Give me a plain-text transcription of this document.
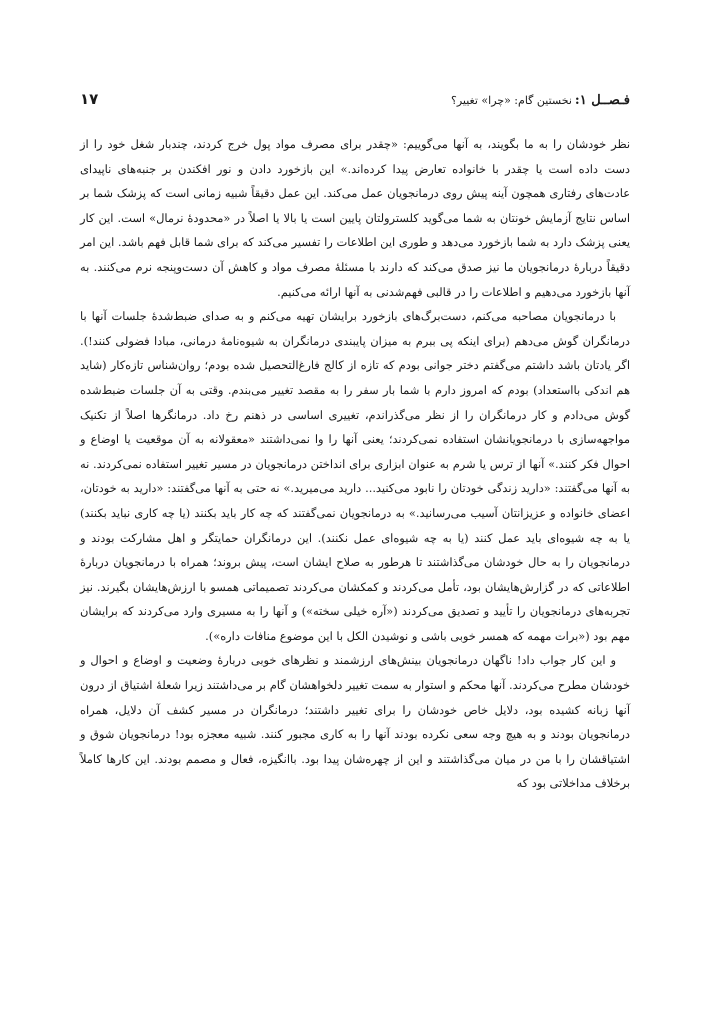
فـصــل ۱:
نخستین گام: «چرا» تغییر؟
۱۷

نظر خودشان را به ما بگویند، به آنها می‌گوییم: «چقدر برای مصرف مواد پول خرج کردند، چندبار شغل خود را از دست داده است یا چقدر با خانواده تعارض پیدا کرده‌اند.» این بازخورد دادن و نور افکندن بر جنبه‌های ناپیدای عادت‌های رفتاری همچون آینه پیش روی درمانجویان عمل می‌کند. این عمل دقیقاً شبیه زمانی است که پزشک شما بر اساس نتایج آزمایش خونتان به شما می‌گوید کلسترولتان پایین است یا بالا یا اصلاً در «محدودهٔ نرمال» است. این کار یعنی پزشک دارد به شما بازخورد می‌دهد و طوری این اطلاعات را تفسیر می‌کند که برای شما قابل فهم باشد. این امر دقیقاً دربارهٔ درمانجویان ما نیز صدق می‌کند که دارند با مسئلهٔ مصرف مواد و کاهش آن دست‌وپنجه نرم می‌کنند. به آنها بازخورد می‌دهیم و اطلاعات را در قالبی فهم‌شدنی به آنها ارائه می‌کنیم.

با درمانجویان مصاحبه می‌کنم، دست‌برگ‌های بازخورد برایشان تهیه می‌کنم و به صدای ضبط‌شدهٔ جلسات آنها با درمانگران گوش می‌دهم (برای اینکه پی ببرم به میزان پایبندی درمانگران به شیوه‌نامهٔ درمانی، مبادا فضولی کنند!). اگر یادتان باشد داشتم می‌گفتم دختر جوانی بودم که تازه از کالج فارغ‌التحصیل شده بودم؛ روان‌شناس تازه‌کار (شاید هم اندکی بااستعداد) بودم که امروز دارم با شما بار سفر را به مقصد تغییر می‌بندم. وقتی به آن جلسات ضبط‌شده گوش می‌دادم و کار درمانگران را از نظر می‌گذراندم، تغییری اساسی در ذهنم رخ داد. درمانگرها اصلاً از تکنیک مواجهه‌سازی با درمانجویانشان استفاده نمی‌کردند؛ یعنی آنها را وا نمی‌داشتند «معقولانه به آن موقعیت یا اوضاع و احوال فکر کنند.» آنها از ترس یا شرم به عنوان ابزاری برای انداختن درمانجویان در مسیر تغییر استفاده نمی‌کردند. نه به آنها می‌گفتند: «دارید زندگی خودتان را نابود می‌کنید... دارید می‌میرید.» نه حتی به آنها می‌گفتند: «دارید به خودتان، اعضای خانواده و عزیزانتان آسیب می‌رسانید.» به درمانجویان نمی‌گفتند که چه کار باید بکنند (یا چه کاری نباید بکنند) یا به چه شیوه‌ای باید عمل کنند (یا به چه شیوه‌ای عمل نکنند). این درمانگران حمایتگر و اهل مشارکت بودند و درمانجویان را به حال خودشان می‌گذاشتند تا هرطور به صلاح ایشان است، پیش بروند؛ همراه با درمانجویان دربارهٔ اطلاعاتی که در گزارش‌هایشان بود، تأمل می‌کردند و کمکشان می‌کردند تصمیماتی همسو با ارزش‌هایشان بگیرند. نیز تجربه‌های درمانجویان را تأیید و تصدیق می‌کردند («آره خیلی سخته») و آنها را به مسیری وارد می‌کردند که برایشان مهم بود («برات مهمه که همسر خوبی باشی و نوشیدن الکل با این موضوع منافات داره»).

و این کار جواب داد! ناگهان درمانجویان بینش‌های ارزشمند و نظرهای خوبی دربارهٔ وضعیت و اوضاع و احوال و خودشان مطرح می‌کردند. آنها محکم و استوار به سمت تغییر دلخواهشان گام بر می‌داشتند زیرا شعلهٔ اشتیاق از درون آنها زبانه کشیده بود، دلایل خاص خودشان را برای تغییر داشتند؛ درمانگران در مسیر کشف آن دلایل، همراه درمانجویان بودند و به هیچ وجه سعی نکرده بودند آنها را به کاری مجبور کنند. شبیه معجزه بود! درمانجویان شوق و اشتیاقشان را با من در میان می‌گذاشتند و این از چهره‌شان پیدا بود. باانگیزه، فعال و مصمم بودند. این کارها کاملاً برخلاف مداخلاتی بود که
